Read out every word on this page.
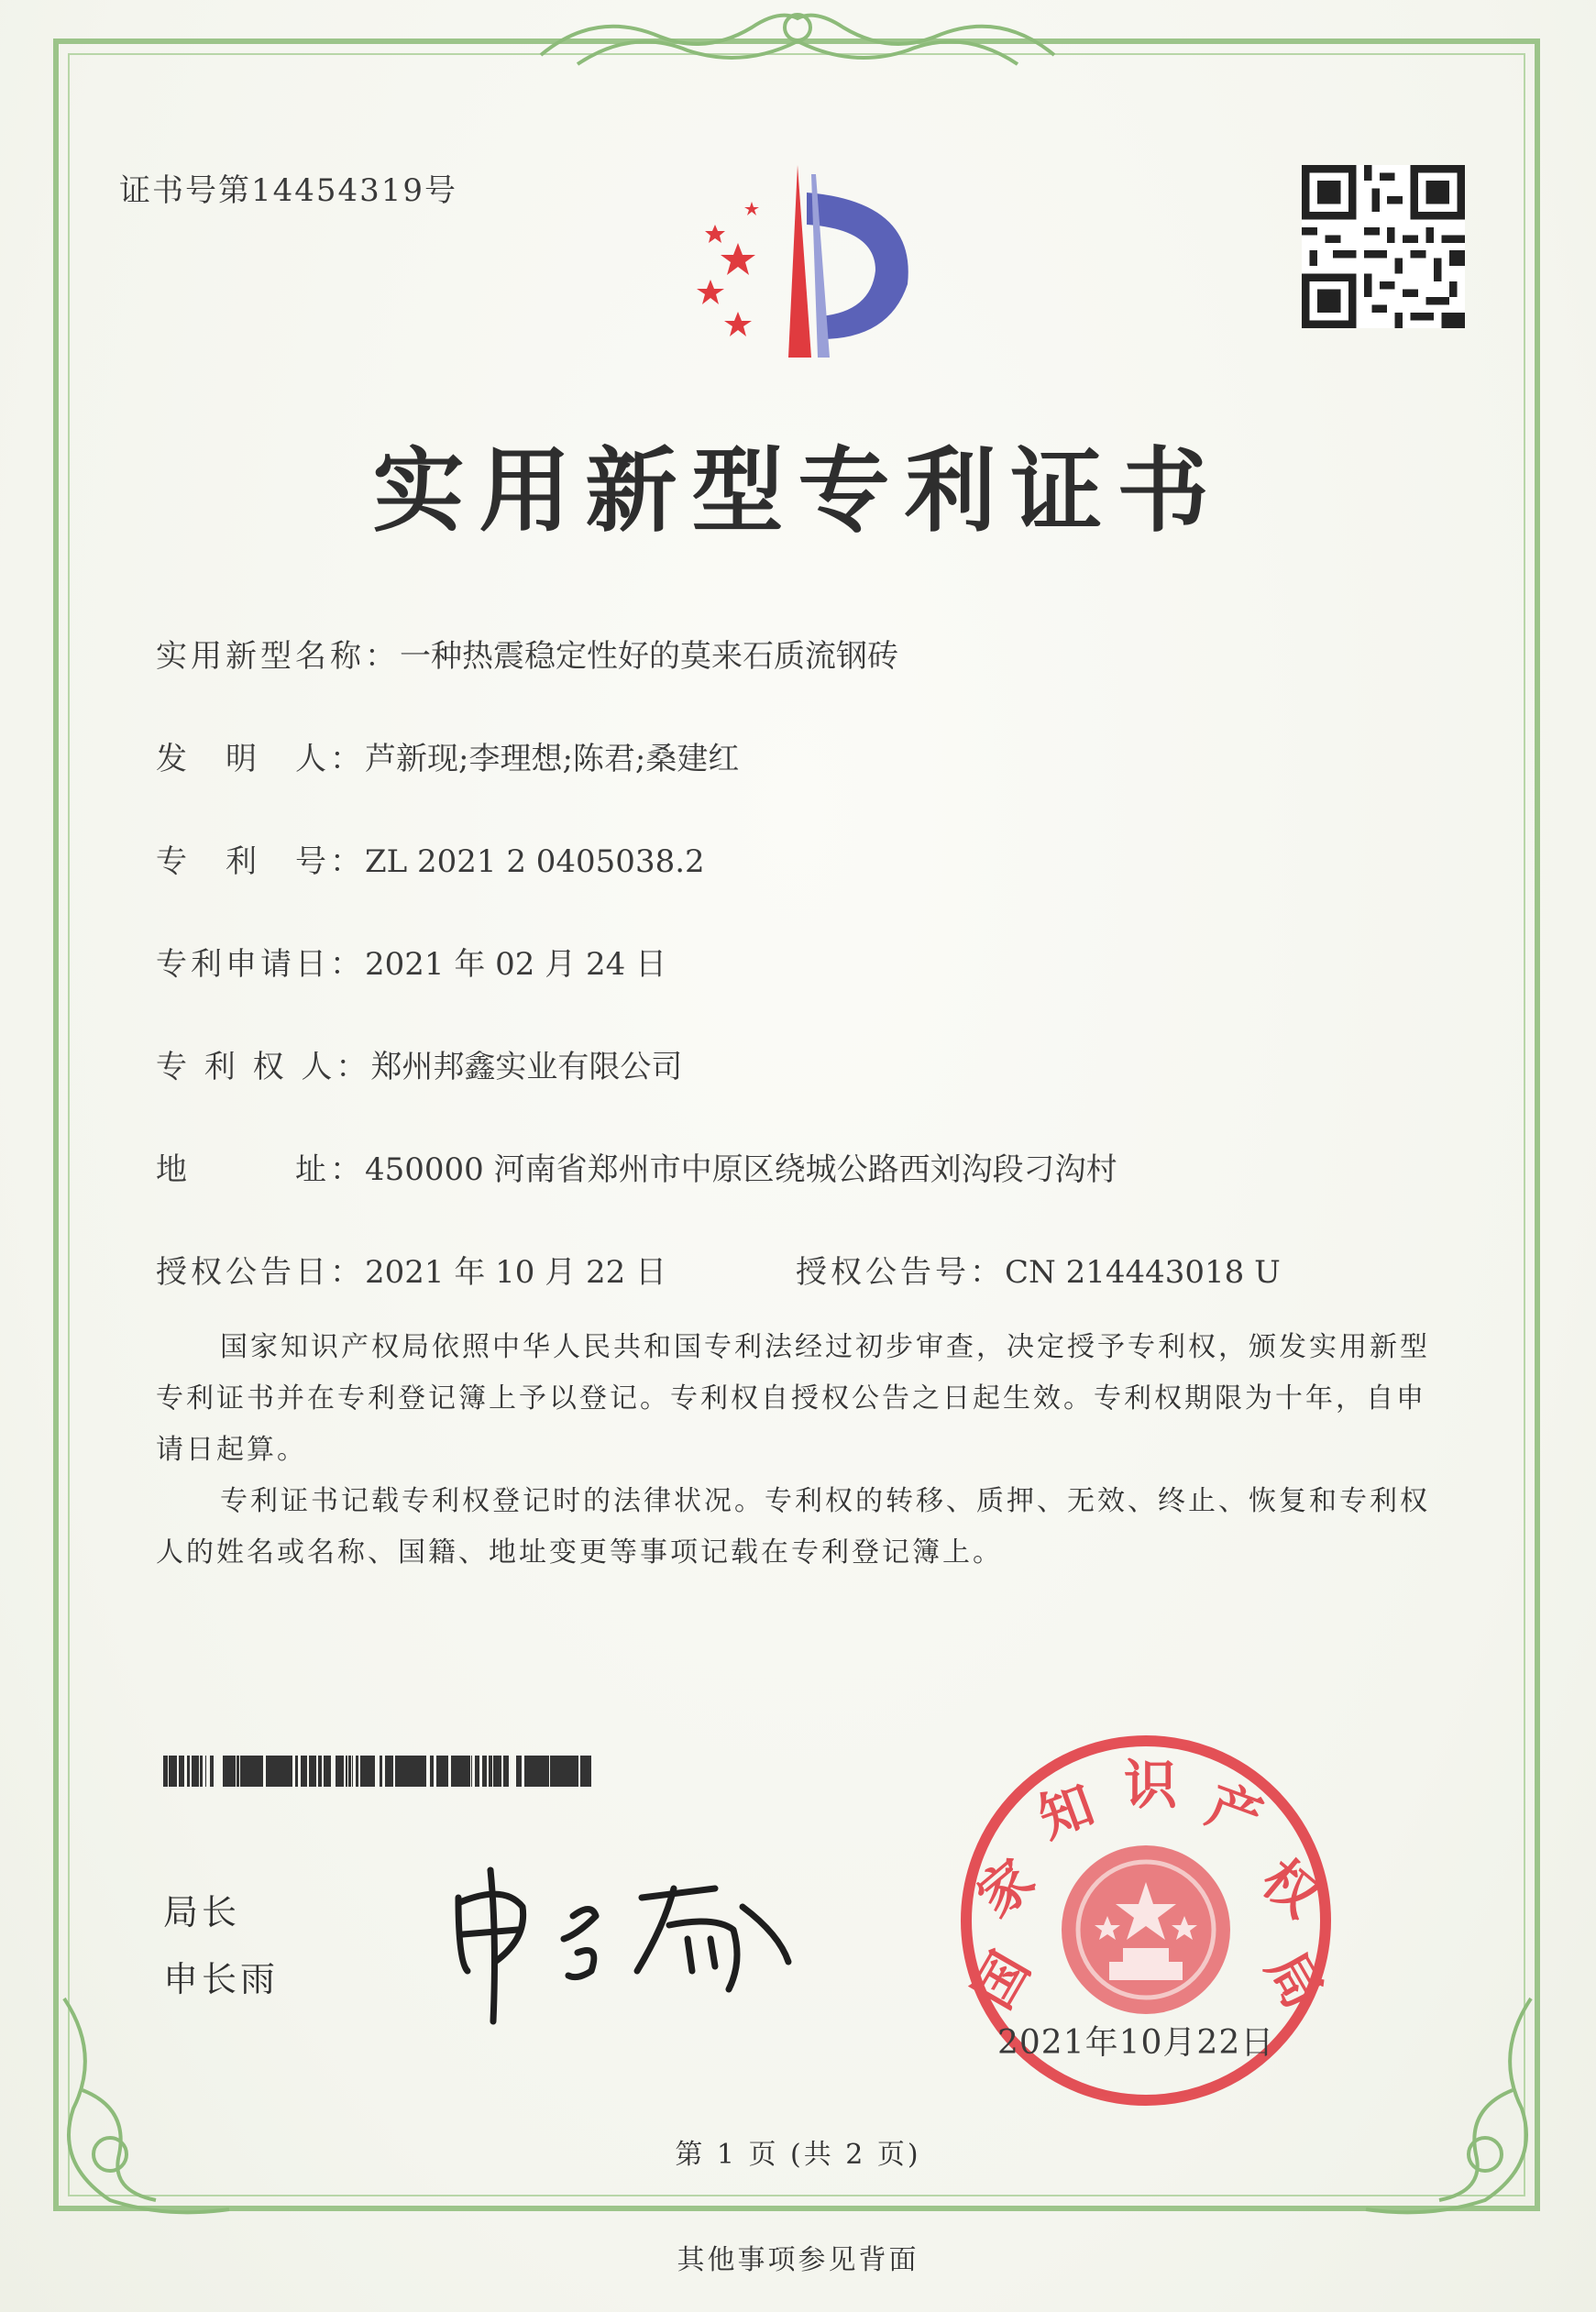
证书号第14454319号
实用新型专利证书
实用新型名称：一种热震稳定性好的莫来石质流钢砖
发　明　人：芦新现;李理想;陈君;桑建红
专　利　号：ZL 2021 2 0405038.2
专利申请日：2021 年 02 月 24 日
专 利 权 人：郑州邦鑫实业有限公司
地　　　址：450000 河南省郑州市中原区绕城公路西刘沟段刁沟村
授权公告日：2021 年 10 月 22 日	授权公告号：CN 214443018 U
国家知识产权局依照中华人民共和国专利法经过初步审查，决定授予专利权，颁发实用新型专利证书并在专利登记簿上予以登记。专利权自授权公告之日起生效。专利权期限为十年，自申请日起算。
专利证书记载专利权登记时的法律状况。专利权的转移、质押、无效、终止、恢复和专利权人的姓名或名称、国籍、地址变更等事项记载在专利登记簿上。
局长
申长雨	国
家
知 识 产
权
局
2021年10月22日
第 1 页 (共 2 页)
其他事项参见背面
